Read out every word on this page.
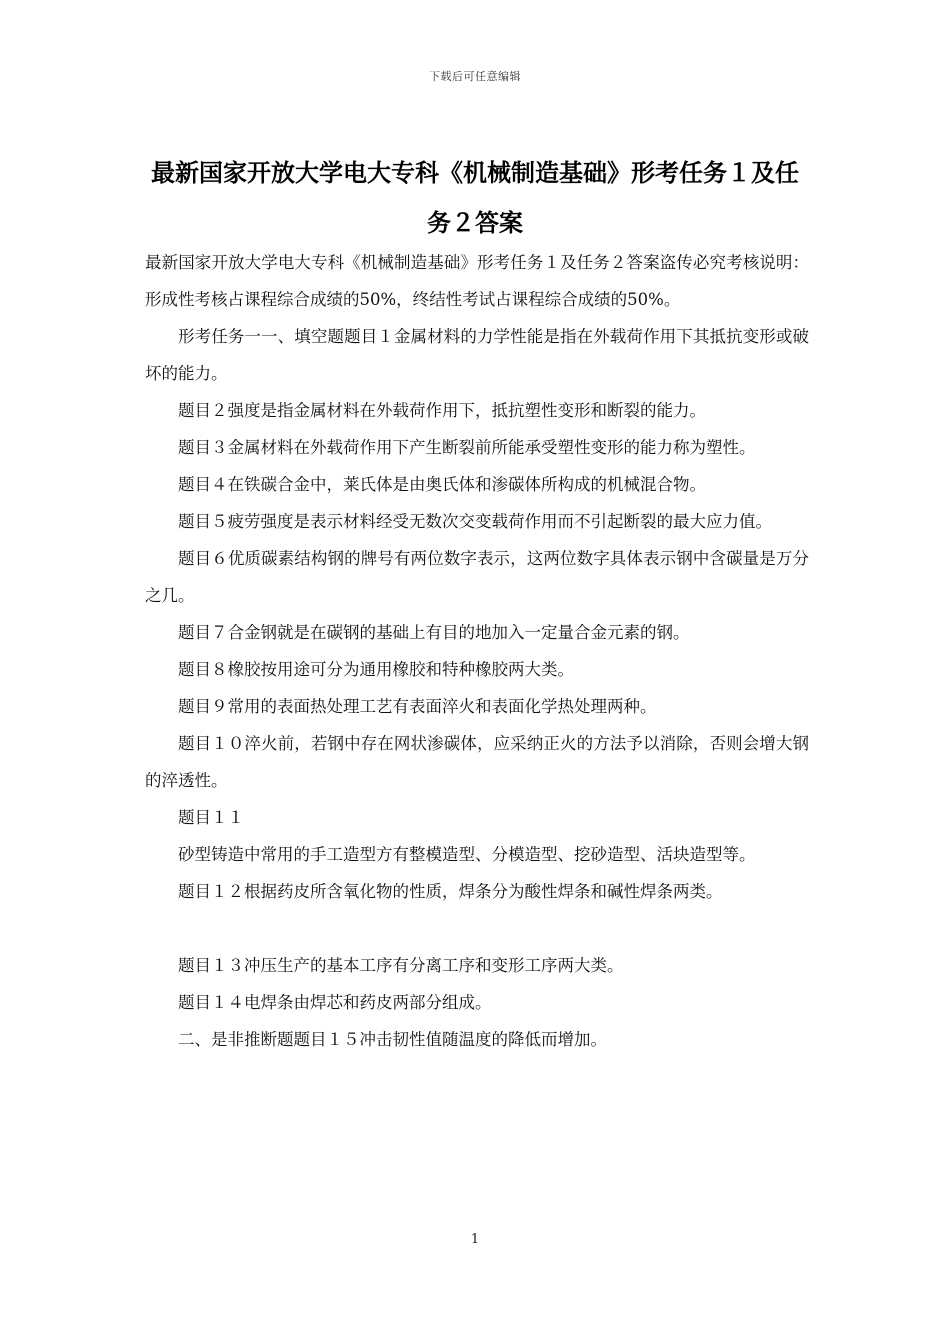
下载后可任意编辑
最新国家开放大学电大专科《机械制造基础》形考任务１及任务２答案

最新国家开放大学电大专科《机械制造基础》形考任务１及任务２答案盗传必究考核说明：形成性考核占课程综合成绩的50%，终结性考试占课程综合成绩的50%。

形考任务一一、填空题题目１金属材料的力学性能是指在外载荷作用下其抵抗变形或破坏的能力。

题目２强度是指金属材料在外载荷作用下，抵抗塑性变形和断裂的能力。

题目３金属材料在外载荷作用下产生断裂前所能承受塑性变形的能力称为塑性。

题目４在铁碳合金中，莱氏体是由奥氏体和渗碳体所构成的机械混合物。

题目５疲劳强度是表示材料经受无数次交变载荷作用而不引起断裂的最大应力值。

题目６优质碳素结构钢的牌号有两位数字表示，这两位数字具体表示钢中含碳量是万分之几。

题目７合金钢就是在碳钢的基础上有目的地加入一定量合金元素的钢。

题目８橡胶按用途可分为通用橡胶和特种橡胶两大类。

题目９常用的表面热处理工艺有表面淬火和表面化学热处理两种。

题目１０淬火前，若钢中存在网状渗碳体，应采纳正火的方法予以消除，否则会增大钢的淬透性。

题目１１

砂型铸造中常用的手工造型方有整模造型、分模造型、挖砂造型、活块造型等。

题目１２根据药皮所含氧化物的性质，焊条分为酸性焊条和碱性焊条两类。

题目１３冲压生产的基本工序有分离工序和变形工序两大类。

题目１４电焊条由焊芯和药皮两部分组成。

二、是非推断题题目１５冲击韧性值随温度的降低而增加。

1
